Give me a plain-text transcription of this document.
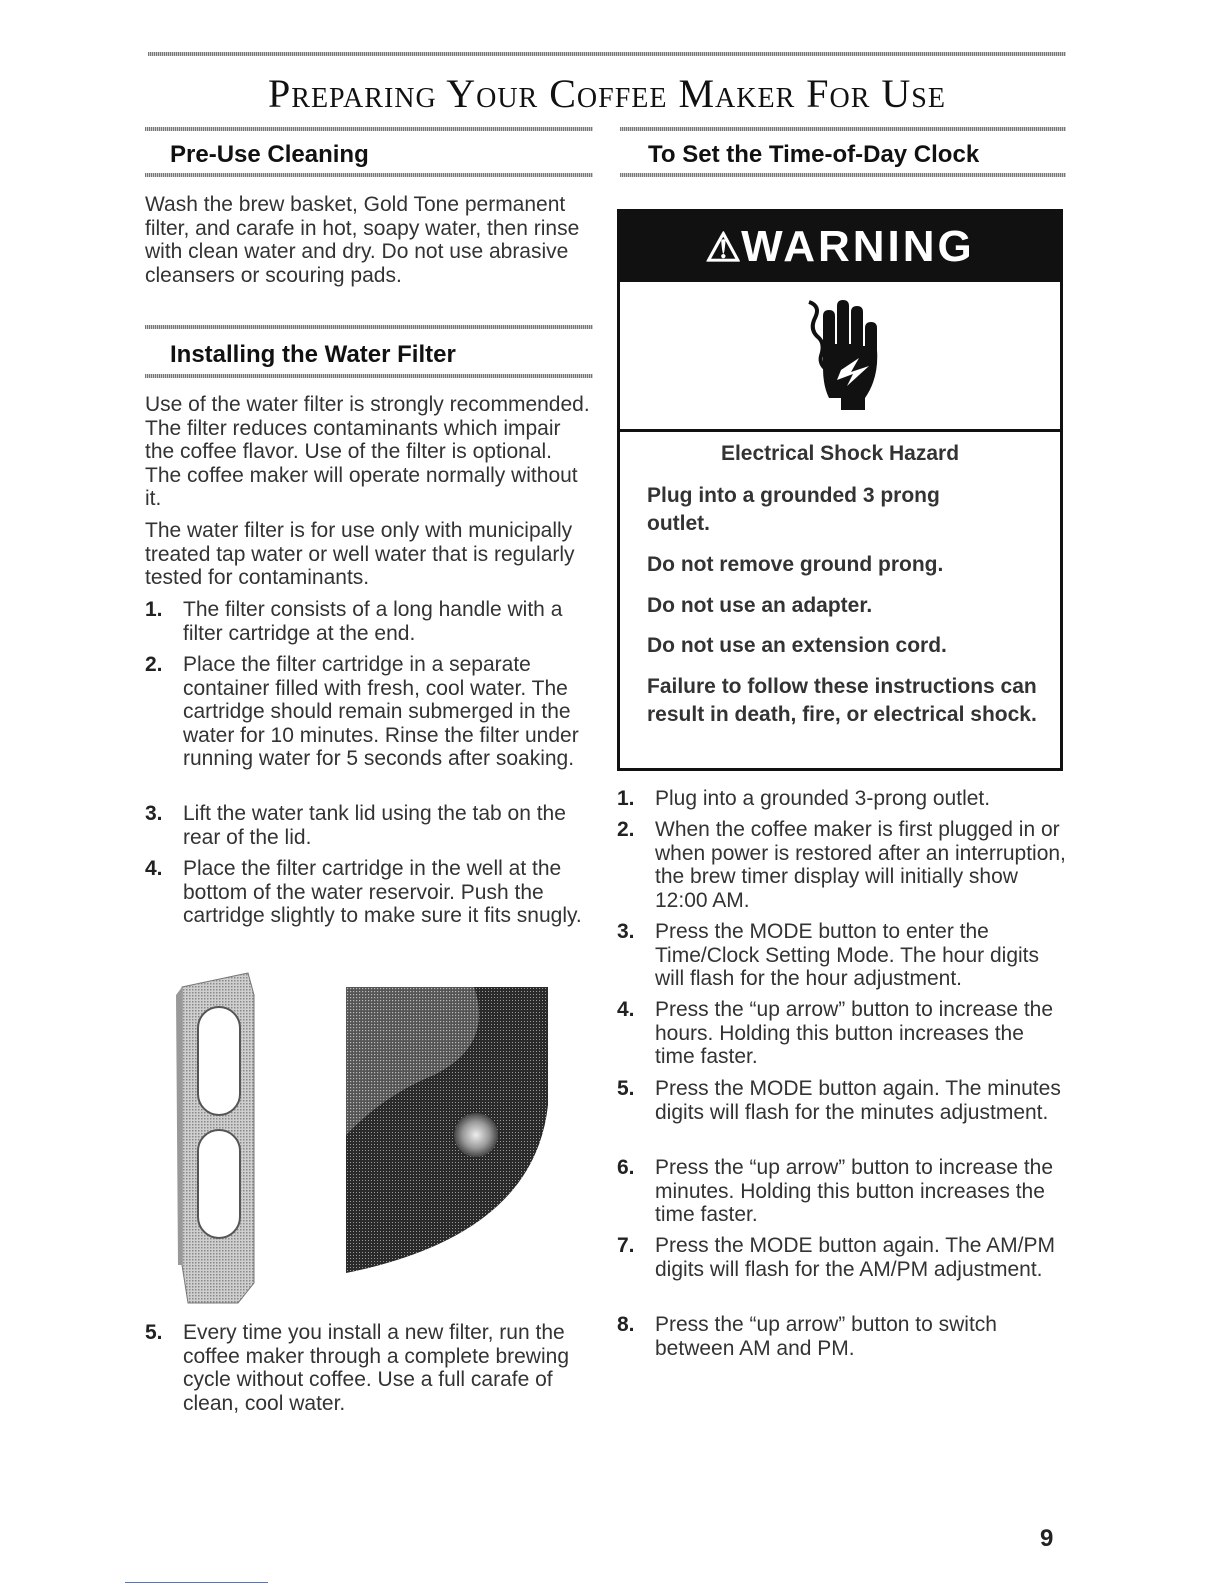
Preparing Your Coffee Maker For Use
Pre-Use Cleaning

Wash the brew basket, Gold Tone permanent filter, and carafe in hot, soapy water, then rinse with clean water and dry. Do not use abrasive cleansers or scouring pads.

Installing the Water Filter

Use of the water filter is strongly recommended. The filter reduces contaminants which impair the coffee flavor. Use of the filter is optional. The coffee maker will operate normally without it.

The water filter is for use only with municipally treated tap water or well water that is regularly tested for contaminants.

1. The filter consists of a long handle with a filter cartridge at the end.
2. Place the filter cartridge in a separate container filled with fresh, cool water. The cartridge should remain submerged in the water for 10 minutes. Rinse the filter under running water for 5 seconds after soaking.
3. Lift the water tank lid using the tab on the rear of the lid.
4. Place the filter cartridge in the well at the bottom of the water reservoir. Push the cartridge slightly to make sure it fits snugly.
5. Every time you install a new filter, run the coffee maker through a complete brewing cycle without coffee. Use a full carafe of clean, cool water.
To Set the Time-of-Day Clock
⚠WARNING
Electrical Shock Hazard
Plug into a grounded 3 prong outlet.
Do not remove ground prong.
Do not use an adapter.
Do not use an extension cord.
Failure to follow these instructions can result in death, fire, or electrical shock.
1. Plug into a grounded 3-prong outlet.
2. When the coffee maker is first plugged in or when power is restored after an interruption, the brew timer display will initially show 12:00 AM.
3. Press the MODE button to enter the Time/Clock Setting Mode. The hour digits will flash for the hour adjustment.
4. Press the “up arrow” button to increase the hours. Holding this button increases the time faster.
5. Press the MODE button again. The minutes digits will flash for the minutes adjustment.
6. Press the “up arrow” button to increase the minutes. Holding this button increases the time faster.
7. Press the MODE button again. The AM/PM digits will flash for the AM/PM adjustment.
8. Press the “up arrow” button to switch between AM and PM.
9
